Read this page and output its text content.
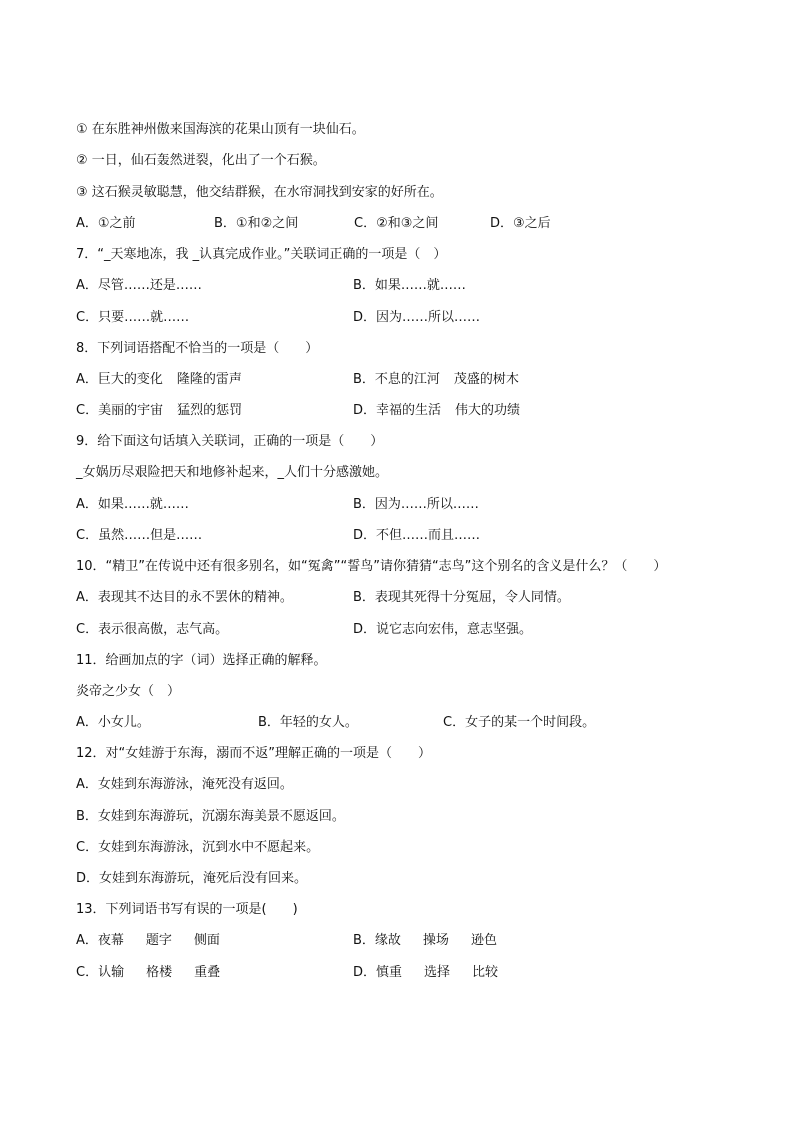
① 在东胜神州傲来国海滨的花果山顶有一块仙石。
② 一日，仙石轰然迸裂，化出了一个石猴。
③ 这石猴灵敏聪慧，他交结群猴，在水帘洞找到安家的好所在。
A．①之前	B．①和②之间	C．②和③之间	D．③之后
7．“_天寒地冻，我 _认真完成作业。”关联词正确的一项是（　）
A．尽管……还是……	B．如果……就……
C．只要……就……	D．因为……所以……
8．下列词语搭配不恰当的一项是（　　）
A．巨大的变化 隆隆的雷声	B．不息的江河 茂盛的树木
C．美丽的宇宙 猛烈的惩罚	D．幸福的生活 伟大的功绩
9．给下面这句话填入关联词，正确的一项是（　　）
_女娲历尽艰险把天和地修补起来，_人们十分感激她。
A．如果……就……	B．因为……所以……
C．虽然……但是……	D．不但……而且……
10．“精卫”在传说中还有很多别名，如“冤禽”“誓鸟”请你猜猜“志鸟”这个别名的含义是什么？（　　）
A．表现其不达目的永不罢休的精神。	B．表现其死得十分冤屈，令人同情。
C．表示很高傲，志气高。	D．说它志向宏伟，意志坚强。
11．给画加点的字（词）选择正确的解释。
炎帝之少女（　）
A．小女儿。	B．年轻的女人。	C．女子的某一个时间段。
12．对“女娃游于东海，溺而不返”理解正确的一项是（　　）
A．女娃到东海游泳，淹死没有返回。
B．女娃到东海游玩，沉溺东海美景不愿返回。
C．女娃到东海游泳，沉到水中不愿起来。
D．女娃到东海游玩，淹死后没有回来。
13．下列词语书写有误的一项是(　　)
A．夜幕 题字 侧面	B．缘故 操场 逊色
C．认输 格楼 重叠	D．慎重 选择 比较
